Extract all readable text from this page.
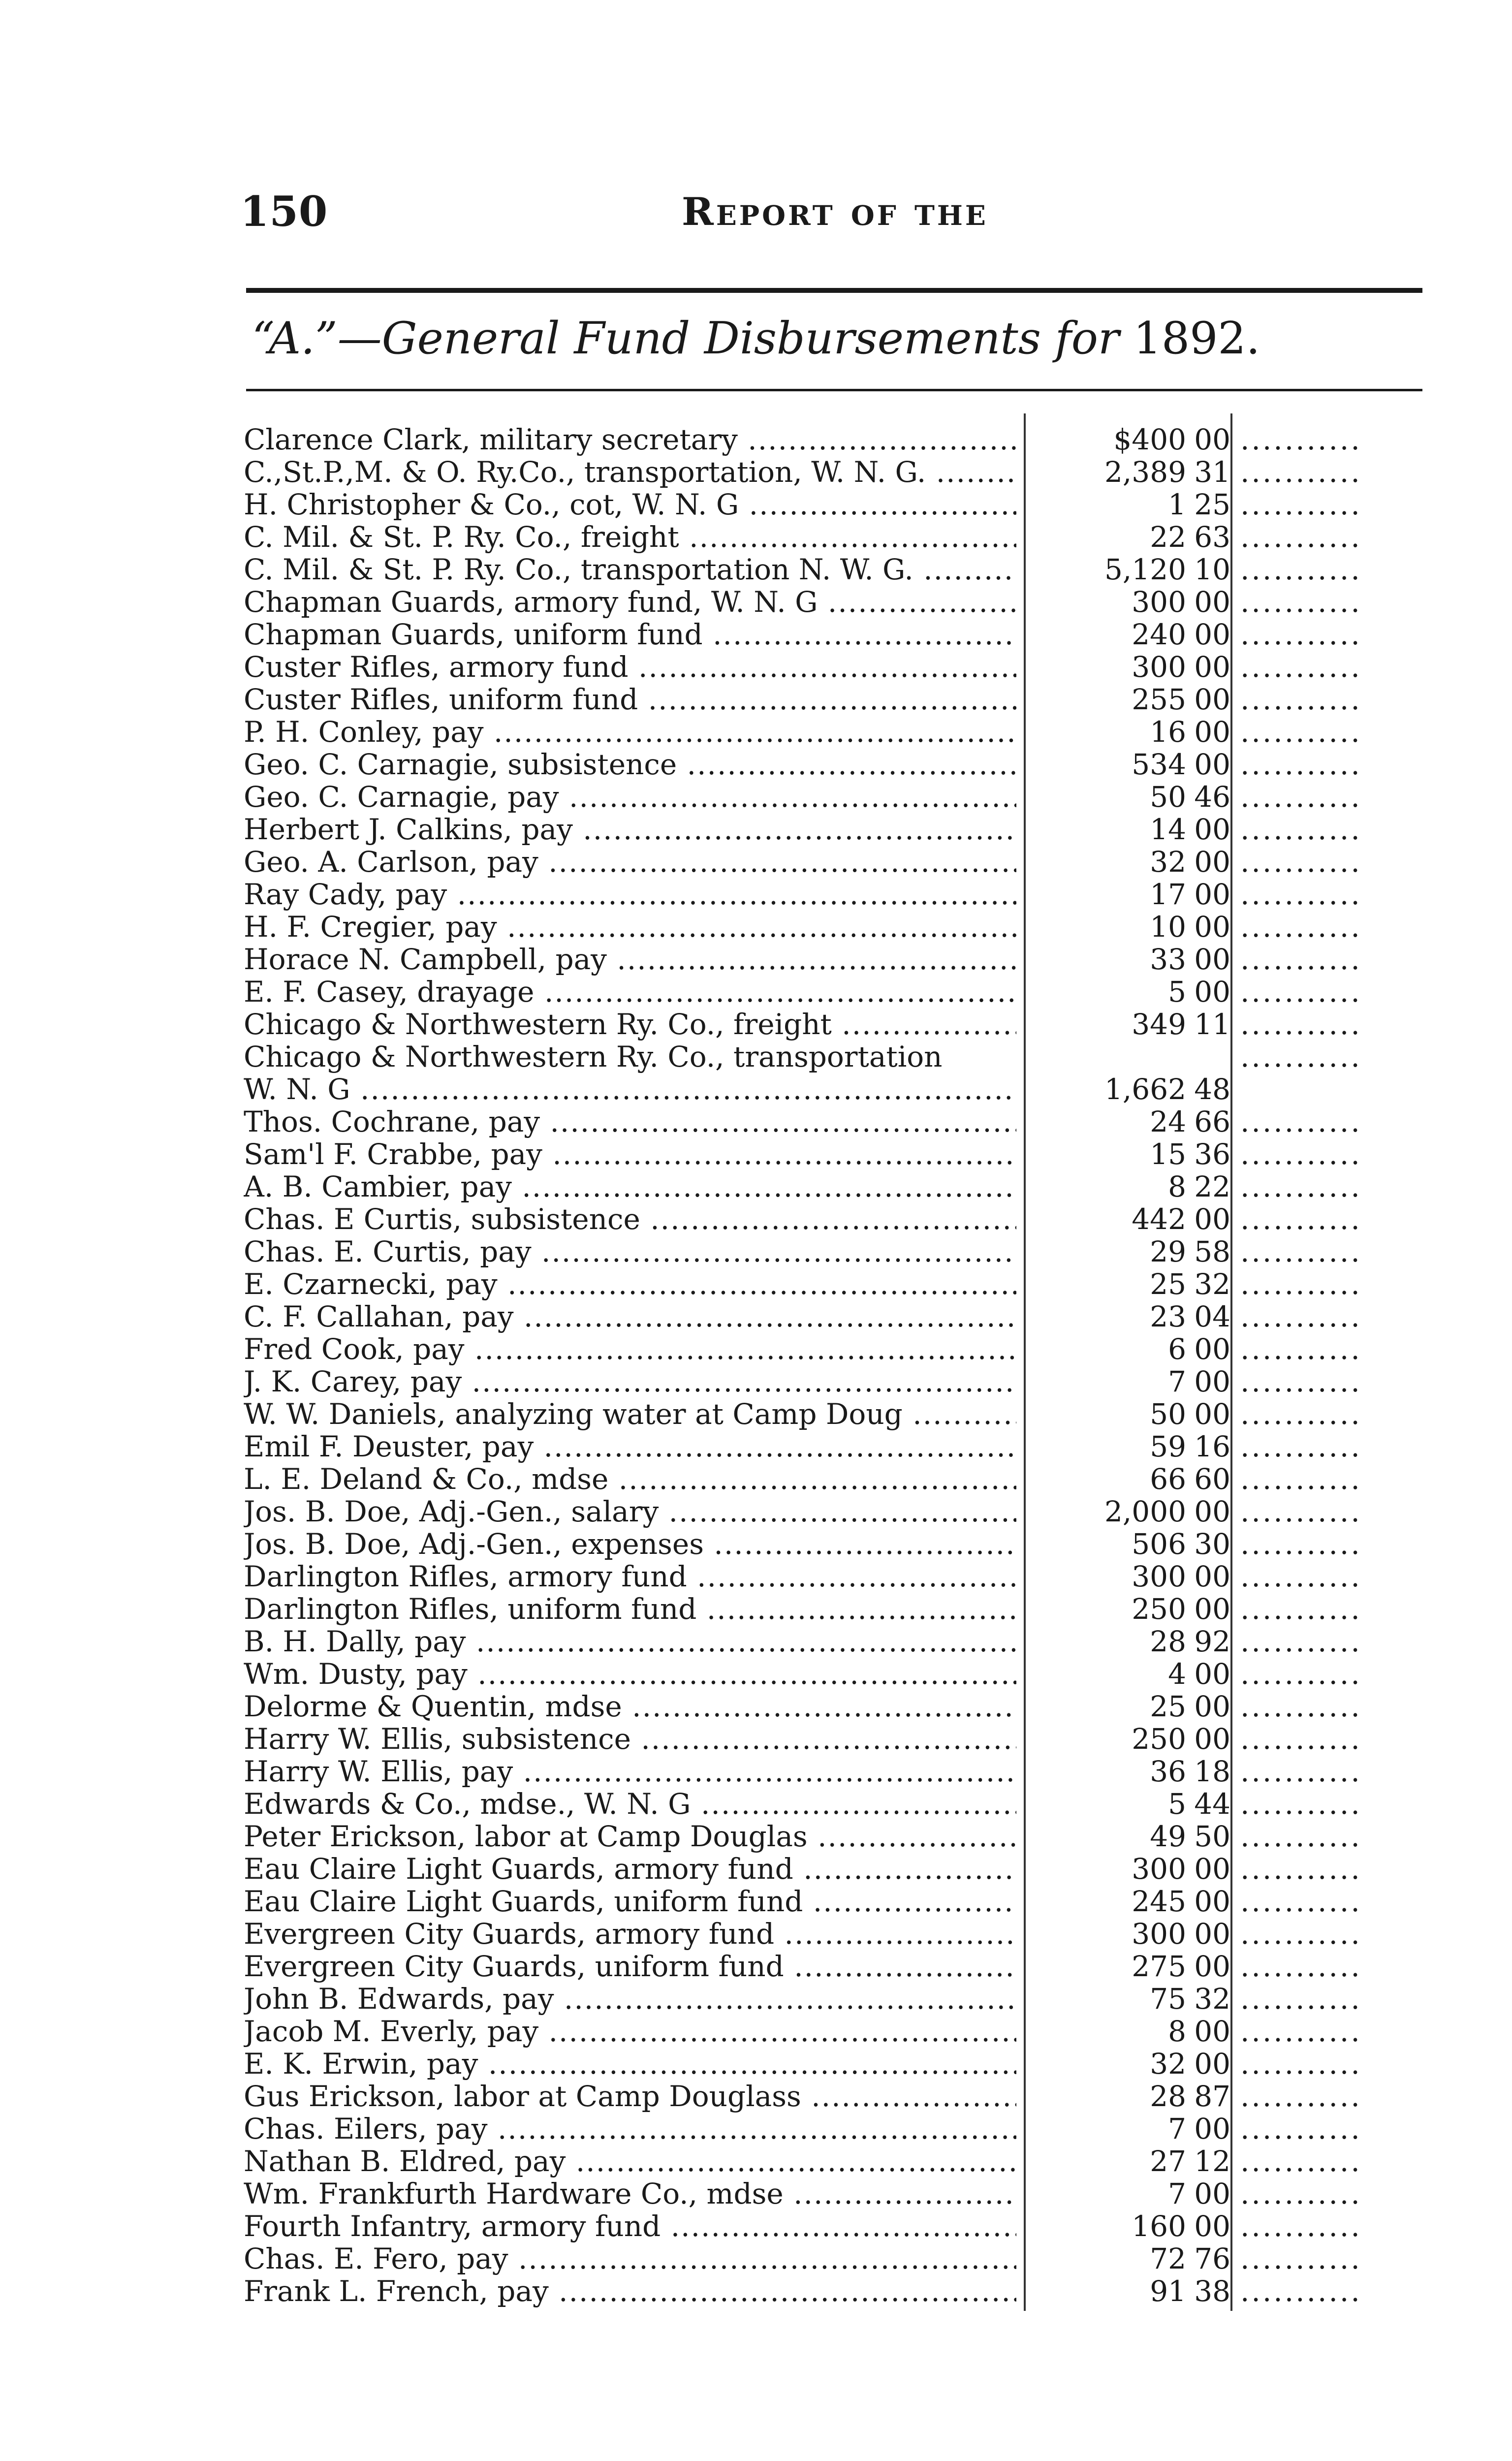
150	Report of the
“A.”—General Fund Disbursements for 1892.
Clarence Clark, military secretary .....	$400 00 ...........
C.,St.P.,M. & O. Ry.Co., transportation, W. N. G. .....	2,389 31 ...........
H. Christopher & Co., cot, W. N. G .....	1 25 ...........
C. Mil. & St. P. Ry. Co., freight .....	22 63 ...........
C. Mil. & St. P. Ry. Co., transportation N. W. G. .....	5,120 10 ...........
Chapman Guards, armory fund, W. N. G .....	300 00 ...........
Chapman Guards, uniform fund .....	240 00 ...........
Custer Rifles, armory fund .....	300 00 ...........
Custer Rifles, uniform fund .....	255 00 ...........
P. H. Conley, pay .....	16 00 ...........
Geo. C. Carnagie, subsistence .....	534 00 ...........
Geo. C. Carnagie, pay .....	50 46 ...........
Herbert J. Calkins, pay .....	14 00 ...........
Geo. A. Carlson, pay .....	32 00 ...........
Ray Cady, pay .....	17 00 ...........
H. F. Cregier, pay .....	10 00 ...........
Horace N. Campbell, pay .....	33 00 ...........
E. F. Casey, drayage .....	5 00 ...........
Chicago & Northwestern Ry. Co., freight .....	349 11 ...........
Chicago & Northwestern Ry. Co., transportation	...........
W. N. G .....	1,662 48
Thos. Cochrane, pay .....	24 66 ...........
Sam'l F. Crabbe, pay .....	15 36 ...........
A. B. Cambier, pay .....	8 22 ...........
Chas. E Curtis, subsistence .....	442 00 ...........
Chas. E. Curtis, pay .....	29 58 ...........
E. Czarnecki, pay .....	25 32 ...........
C. F. Callahan, pay .....	23 04 ...........
Fred Cook, pay .....	6 00 ...........
J. K. Carey, pay .....	7 00 ...........
W. W. Daniels, analyzing water at Camp Doug .....	50 00 ...........
Emil F. Deuster, pay .....	59 16 ...........
L. E. Deland & Co., mdse .....	66 60 ...........
Jos. B. Doe, Adj.-Gen., salary .....	2,000 00 ...........
Jos. B. Doe, Adj.-Gen., expenses .....	506 30 ...........
Darlington Rifles, armory fund .....	300 00 ...........
Darlington Rifles, uniform fund .....	250 00 ...........
B. H. Dally, pay .....	28 92 ...........
Wm. Dusty, pay .....	4 00 ...........
Delorme & Quentin, mdse .....	25 00 ...........
Harry W. Ellis, subsistence .....	250 00 ...........
Harry W. Ellis, pay .....	36 18 ...........
Edwards & Co., mdse., W. N. G .....	5 44 ...........
Peter Erickson, labor at Camp Douglas .....	49 50 ...........
Eau Claire Light Guards, armory fund .....	300 00 ...........
Eau Claire Light Guards, uniform fund .....	245 00 ...........
Evergreen City Guards, armory fund .....	300 00 ...........
Evergreen City Guards, uniform fund .....	275 00 ...........
John B. Edwards, pay .....	75 32 ...........
Jacob M. Everly, pay .....	8 00 ...........
E. K. Erwin, pay .....	32 00 ...........
Gus Erickson, labor at Camp Douglass .....	28 87 ...........
Chas. Eilers, pay .....	7 00 ...........
Nathan B. Eldred, pay .....	27 12 ...........
Wm. Frankfurth Hardware Co., mdse .....	7 00 ...........
Fourth Infantry, armory fund .....	160 00 ...........
Chas. E. Fero, pay .....	72 76 ...........
Frank L. French, pay .....	91 38 ...........
